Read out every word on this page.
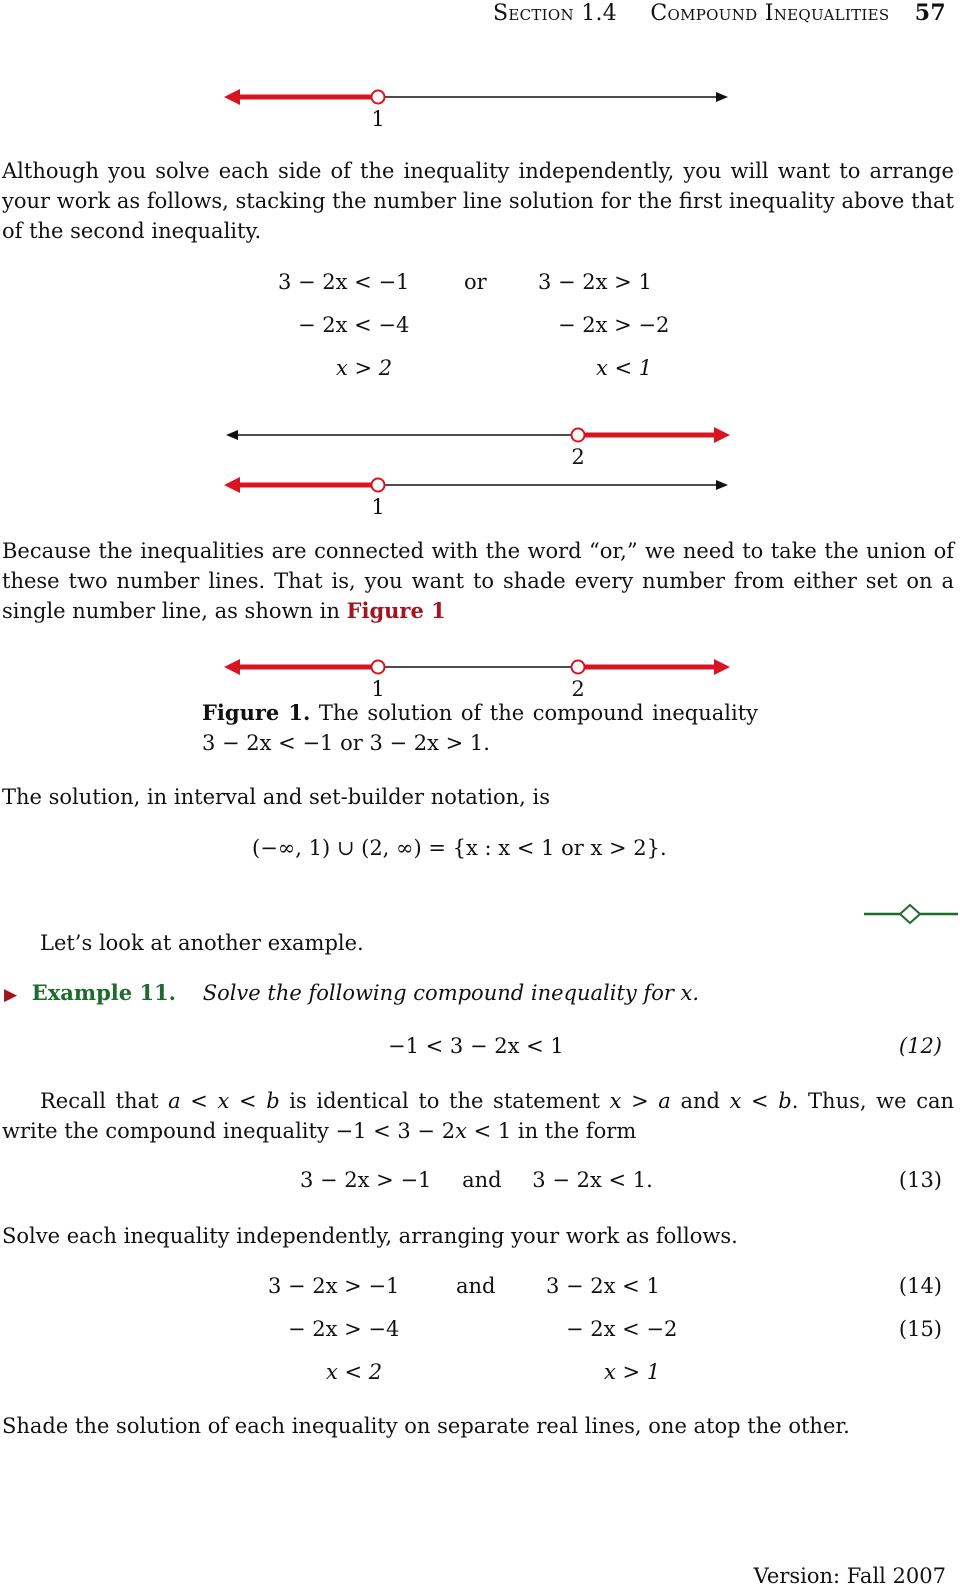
Section 1.4 Compound Inequalities 57
1
Although you solve each side of the inequality independently, you will want to arrange your work as follows, stacking the number line solution for the first inequality above that of the second inequality.
3 − 2x < −1	or 3 − 2x > 1
− 2x < −4	− 2x > −2
x > 2	x < 1
2
1
Because the inequalities are connected with the word “or,” we need to take the union of these two number lines. That is, you want to shade every number from either set on a single number line, as shown in Figure 1
1	2
Figure 1. The solution of the compound inequality 3 − 2x < −1 or 3 − 2x > 1.
The solution, in interval and set-builder notation, is
(−∞, 1) ∪ (2, ∞) = {x : x < 1 or x > 2}.
Let’s look at another example.
▶ Example 11. Solve the following compound inequality for x.
−1 < 3 − 2x < 1	(12)
Recall that a < x < b is identical to the statement x > a and x < b. Thus, we can write the compound inequality −1 < 3 − 2x < 1 in the form
3 − 2x > −1 and 3 − 2x < 1.	(13)
Solve each inequality independently, arranging your work as follows.
3 − 2x > −1	and 3 − 2x < 1	(14)
− 2x > −4	− 2x < −2	(15)
x < 2	x > 1
Shade the solution of each inequality on separate real lines, one atop the other.
Version: Fall 2007
